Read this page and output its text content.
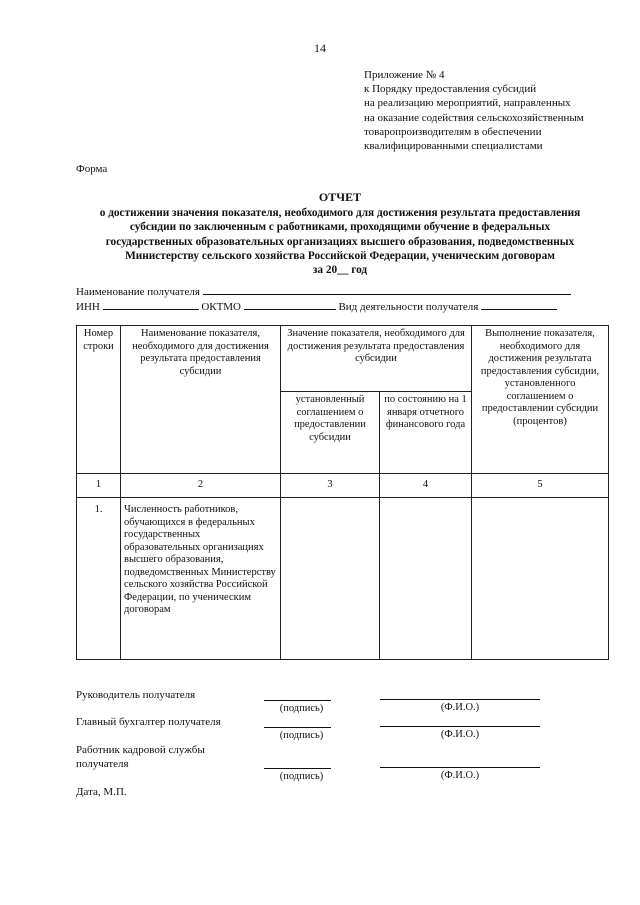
14
Приложение № 4
к Порядку предоставления субсидий
на реализацию мероприятий, направленных
на оказание содействия сельскохозяйственным
товаропроизводителям в обеспечении
квалифицированными специалистами
Форма
ОТЧЕТ
о достижении значения показателя, необходимого для достижения результата предоставления
субсидии по заключенным с работниками, проходящими обучение в федеральных
государственных образовательных организациях высшего образования, подведомственных
Министерству сельского хозяйства Российской Федерации, ученическим договорам
за 20__ год
Наименование получателя
ИНН	ОКТМО	Вид деятельности получателя
Номер строки	Наименование показателя, необходимого для достижения результата предоставления субсидии	Значение показателя, необходимого для достижения результата предоставления субсидии		Выполнение показателя, необходимого для достижения результата предоставления субсидии, установленного соглашением о предоставлении субсидии (процентов)
		установленный соглашением о предоставлении субсидии	по состоянию на 1 января отчетного финансового года	
1	2	3	4	5
1.	Численность работников, обучающихся в федеральных государственных образовательных организациях высшего образования, подведомственных Министерству сельского хозяйства Российской Федерации, по ученическим договорам			
Руководитель получателя
(подпись)	(Ф.И.О.)
Главный бухгалтер получателя
(подпись)	(Ф.И.О.)
Работник кадровой службы
получателя
(подпись)	(Ф.И.О.)
Дата, М.П.
